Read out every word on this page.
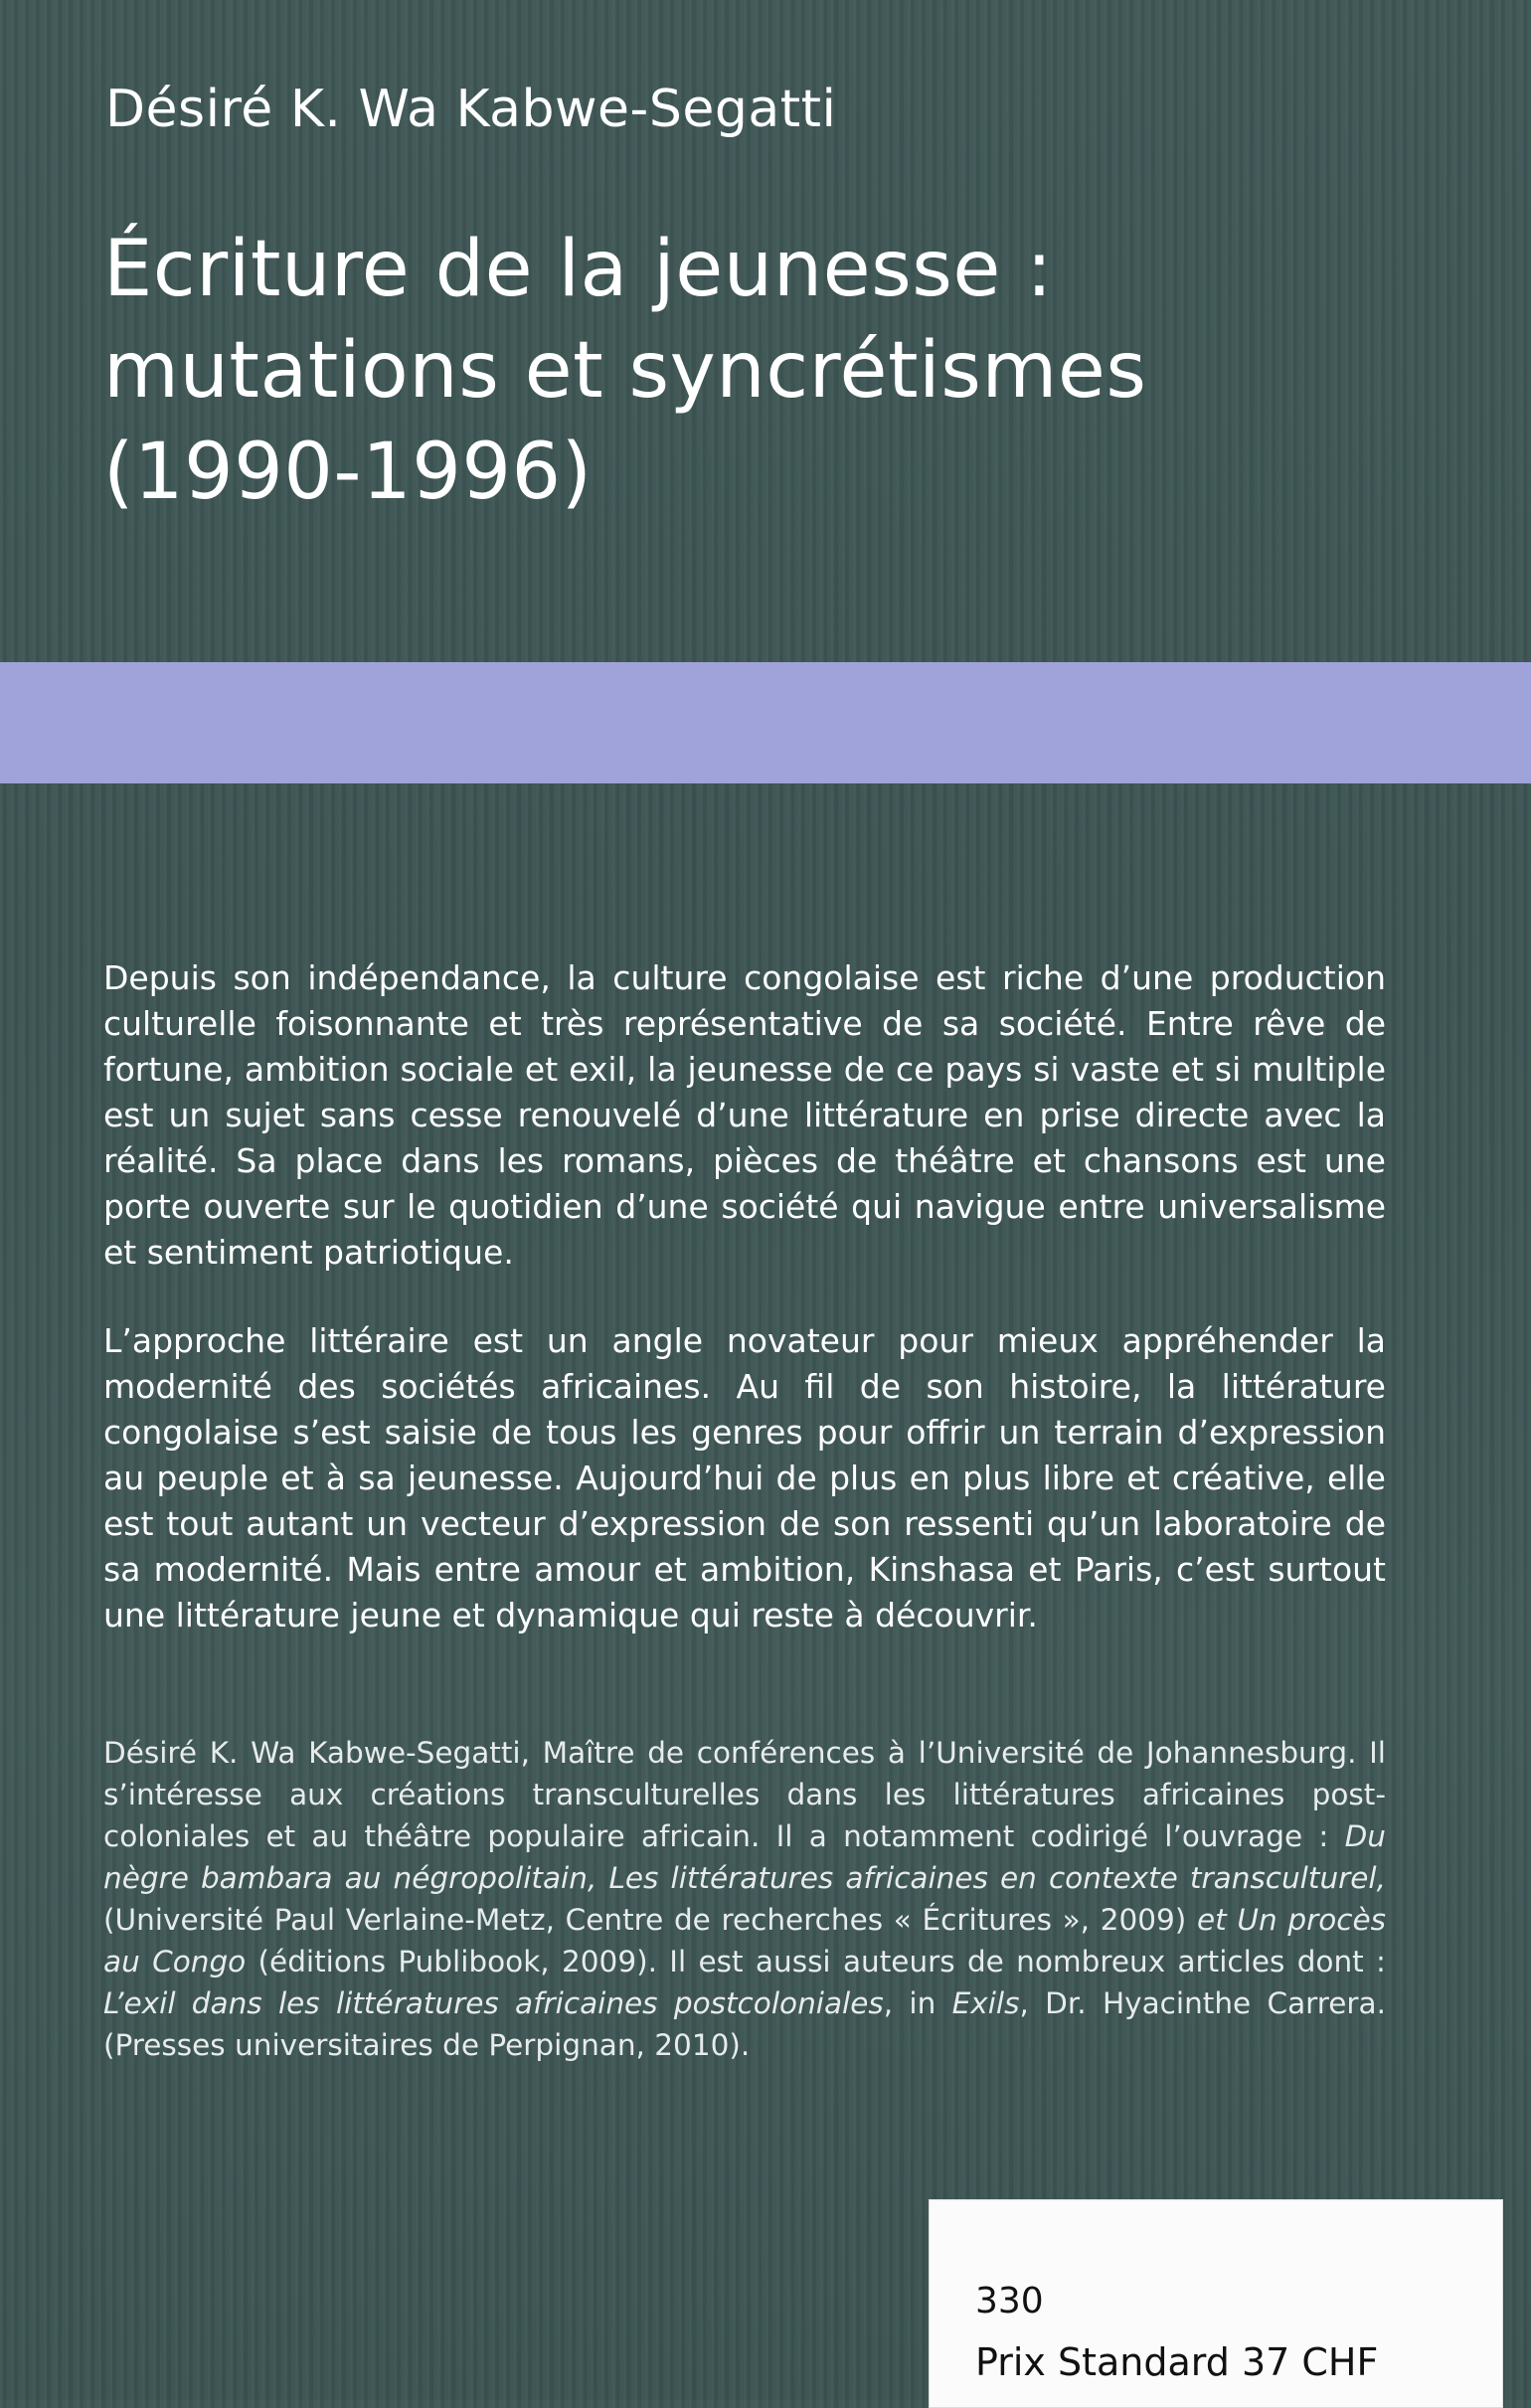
Désiré K. Wa Kabwe-Segatti
Écriture de la jeunesse :
mutations et syncrétismes
(1990-1996)

Depuis son indépendance, la culture congolaise est riche d’une production culturelle foisonnante et très représentative de sa société. Entre rêve de fortune, ambition sociale et exil, la jeunesse de ce pays si vaste et si multiple est un sujet sans cesse renouvelé d’une littérature en prise directe avec la réalité. Sa place dans les romans, pièces de théâtre et chansons est une porte ouverte sur le quotidien d’une société qui navigue entre universalisme et sentiment patriotique.

L’approche littéraire est un angle novateur pour mieux appréhender la modernité des sociétés africaines. Au fil de son histoire, la littérature congolaise s’est saisie de tous les genres pour offrir un terrain d’expression au peuple et à sa jeunesse. Aujourd’hui de plus en plus libre et créative, elle est tout autant un vecteur d’expression de son ressenti qu’un laboratoire de sa modernité. Mais entre amour et ambition, Kinshasa et Paris, c’est surtout une littérature jeune et dynamique qui reste à découvrir.

Désiré K. Wa Kabwe-Segatti, Maître de conférences à l’Université de Johannesburg. Il s’intéresse aux créations transculturelles dans les littératures africaines post-coloniales et au théâtre populaire africain. Il a notamment codirigé l’ouvrage : Du nègre bambara au négropolitain, Les littératures africaines en contexte transculturel, (Université Paul Verlaine-Metz, Centre de recherches « Écritures », 2009) et Un procès au Congo (éditions Publibook, 2009). Il est aussi auteurs de nombreux articles dont : L’exil dans les littératures africaines postcoloniales, in Exils, Dr. Hyacinthe Carrera. (Presses universitaires de Perpignan, 2010).

330
Prix Standard 37 CHF
